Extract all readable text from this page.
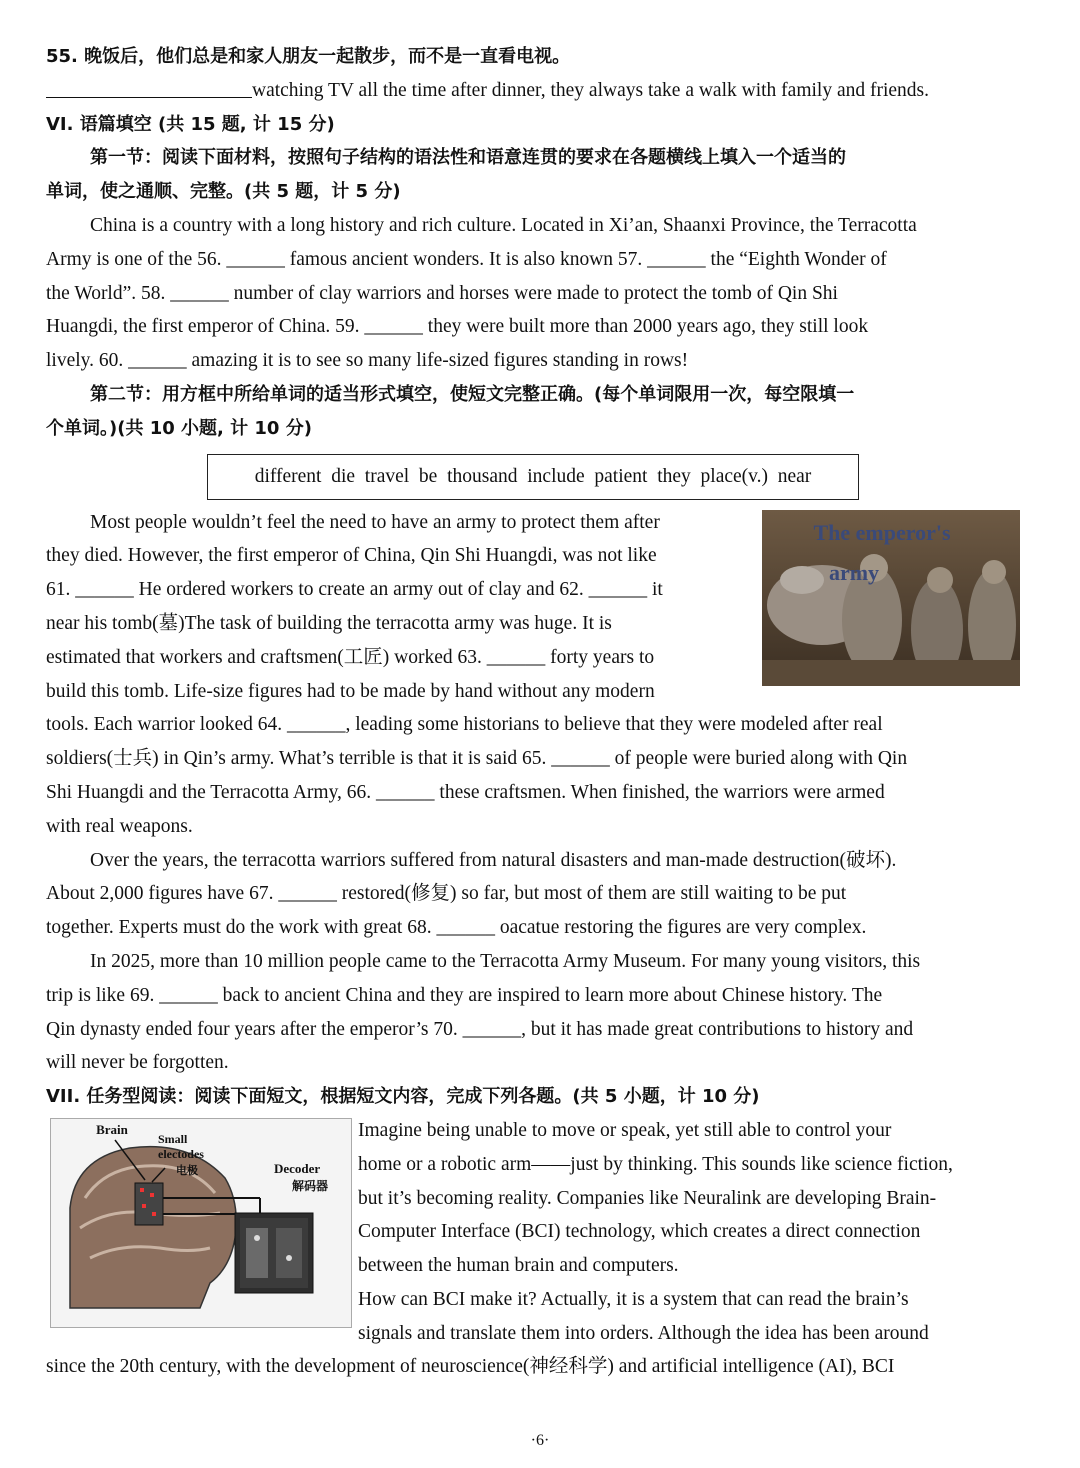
55. 晚饭后，他们总是和家人朋友一起散步，而不是一直看电视。
watching TV all the time after dinner, they always take a walk with family and friends.
VI. 语篇填空 (共 15 题, 计 15 分)
第一节：阅读下面材料，按照句子结构的语法性和语意连贯的要求在各题横线上填入一个适当的
单词，使之通顺、完整。(共 5 题，计 5 分)
China is a country with a long history and rich culture. Located in Xi’an, Shaanxi Province, the Terracotta
Army is one of the 56. ______ famous ancient wonders. It is also known 57. ______ the “Eighth Wonder of
the World”. 58. ______ number of clay warriors and horses were made to protect the tomb of Qin Shi
Huangdi, the first emperor of China. 59. ______ they were built more than 2000 years ago, they still look
lively. 60. ______ amazing it is to see so many life-sized figures standing in rows!
第二节：用方框中所给单词的适当形式填空，使短文完整正确。(每个单词限用一次，每空限填一
个单词。)(共 10 小题, 计 10 分)
different  die  travel  be  thousand  include  patient  they  place(v.)  near
The emperor's
army
Most people wouldn’t feel the need to have an army to protect them after
they died. However, the first emperor of China, Qin Shi Huangdi, was not like
61. ______ He ordered workers to create an army out of clay and 62. ______ it
near his tomb(墓)The task of building the terracotta army was huge. It is
estimated that workers and craftsmen(工匠) worked 63. ______ forty years to
build this tomb. Life-size figures had to be made by hand without any modern
tools. Each warrior looked 64. ______, leading some historians to believe that they were modeled after real
soldiers(士兵) in Qin’s army. What’s terrible is that it is said 65. ______ of people were buried along with Qin
Shi Huangdi and the Terracotta Army, 66. ______ these craftsmen. When finished, the warriors were armed
with real weapons.
Over the years, the terracotta warriors suffered from natural disasters and man-made destruction(破坏).
About 2,000 figures have 67. ______ restored(修复) so far, but most of them are still waiting to be put
together. Experts must do the work with great 68. ______ oacatue restoring the figures are very complex.
In 2025, more than 10 million people came to the Terracotta Army Museum. For many young visitors, this
trip is like 69. ______ back to ancient China and they are inspired to learn more about Chinese history. The
Qin dynasty ended four years after the emperor’s 70. ______, but it has made great contributions to history and
will never be forgotten.
VII. 任务型阅读：阅读下面短文，根据短文内容，完成下列各题。(共 5 小题，计 10 分)
Brain
Small
electodes
电极	Decoder
解码器
Imagine being unable to move or speak, yet still able to control your
home or a robotic arm——just by thinking. This sounds like science fiction,
but it’s becoming reality. Companies like Neuralink are developing Brain-
Computer Interface (BCI) technology, which creates a direct connection
between the human brain and computers.
How can BCI make it? Actually, it is a system that can read the brain’s
signals and translate them into orders. Although the idea has been around
since the 20th century, with the development of neuroscience(神经科学) and artificial intelligence (AI), BCI
·6·
